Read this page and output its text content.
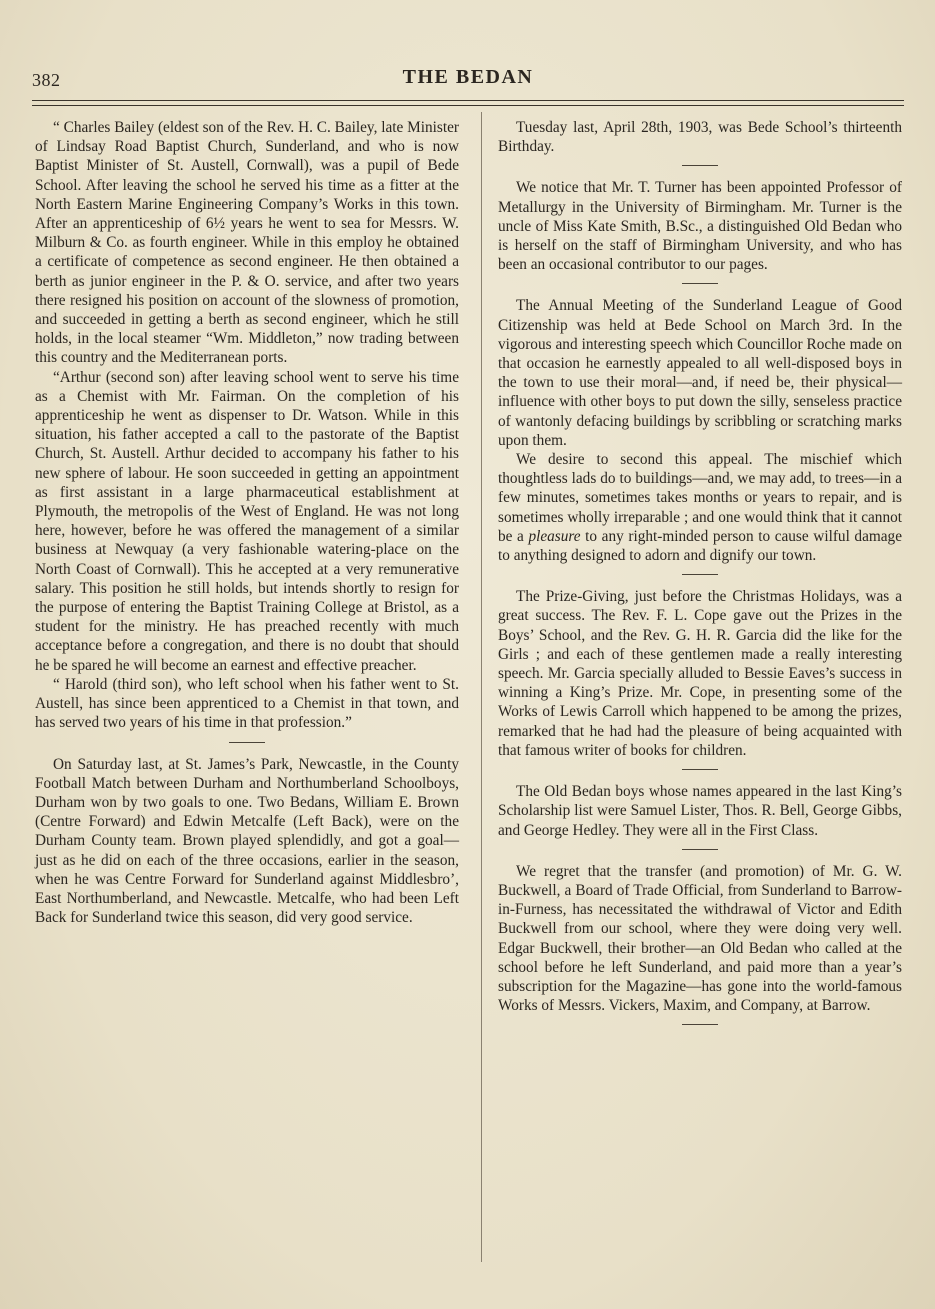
382	THE BEDAN

“ Charles Bailey (eldest son of the Rev. H. C. Bailey, late Minister of Lindsay Road Baptist Church, Sunderland, and who is now Baptist Minister of St. Austell, Cornwall), was a pupil of Bede School. After leaving the school he served his time as a fitter at the North Eastern Marine Engineering Company’s Works in this town. After an apprenticeship of 6½ years he went to sea for Messrs. W. Milburn & Co. as fourth engineer. While in this employ he obtained a certificate of competence as second engineer. He then obtained a berth as junior engineer in the P. & O. service, and after two years there resigned his position on account of the slowness of promotion, and succeeded in getting a berth as second engineer, which he still holds, in the local steamer “Wm. Middleton,” now trading between this country and the Mediterranean ports.

“Arthur (second son) after leaving school went to serve his time as a Chemist with Mr. Fairman. On the completion of his apprenticeship he went as dispenser to Dr. Watson. While in this situation, his father accepted a call to the pastorate of the Baptist Church, St. Austell. Arthur decided to accompany his father to his new sphere of labour. He soon succeeded in getting an appointment as first assistant in a large pharmaceutical establishment at Plymouth, the metropolis of the West of England. He was not long here, however, before he was offered the management of a similar business at Newquay (a very fashionable watering-place on the North Coast of Cornwall). This he accepted at a very remunerative salary. This position he still holds, but intends shortly to resign for the purpose of entering the Baptist Training College at Bristol, as a student for the ministry. He has preached recently with much acceptance before a congregation, and there is no doubt that should he be spared he will become an earnest and effective preacher.

“ Harold (third son), who left school when his father went to St. Austell, has since been apprenticed to a Chemist in that town, and has served two years of his time in that profession.”

On Saturday last, at St. James’s Park, Newcastle, in the County Football Match between Durham and Northumberland Schoolboys, Durham won by two goals to one. Two Bedans, William E. Brown (Centre Forward) and Edwin Metcalfe (Left Back), were on the Durham County team. Brown played splendidly, and got a goal—just as he did on each of the three occasions, earlier in the season, when he was Centre Forward for Sunderland against Middlesbro’, East Northumberland, and Newcastle. Metcalfe, who had been Left Back for Sunderland twice this season, did very good service.

Tuesday last, April 28th, 1903, was Bede School’s thirteenth Birthday.

We notice that Mr. T. Turner has been appointed Professor of Metallurgy in the University of Birmingham. Mr. Turner is the uncle of Miss Kate Smith, B.Sc., a distinguished Old Bedan who is herself on the staff of Birmingham University, and who has been an occasional contributor to our pages.

The Annual Meeting of the Sunderland League of Good Citizenship was held at Bede School on March 3rd. In the vigorous and interesting speech which Councillor Roche made on that occasion he earnestly appealed to all well-disposed boys in the town to use their moral—and, if need be, their physical—influence with other boys to put down the silly, senseless practice of wantonly defacing buildings by scribbling or scratching marks upon them.

We desire to second this appeal. The mischief which thoughtless lads do to buildings—and, we may add, to trees—in a few minutes, sometimes takes months or years to repair, and is sometimes wholly irreparable ; and one would think that it cannot be a pleasure to any right-minded person to cause wilful damage to anything designed to adorn and dignify our town.

The Prize-Giving, just before the Christmas Holidays, was a great success. The Rev. F. L. Cope gave out the Prizes in the Boys’ School, and the Rev. G. H. R. Garcia did the like for the Girls ; and each of these gentlemen made a really interesting speech. Mr. Garcia specially alluded to Bessie Eaves’s success in winning a King’s Prize. Mr. Cope, in presenting some of the Works of Lewis Carroll which happened to be among the prizes, remarked that he had had the pleasure of being acquainted with that famous writer of books for children.

The Old Bedan boys whose names appeared in the last King’s Scholarship list were Samuel Lister, Thos. R. Bell, George Gibbs, and George Hedley. They were all in the First Class.

We regret that the transfer (and promotion) of Mr. G. W. Buckwell, a Board of Trade Official, from Sunderland to Barrow-in-Furness, has necessitated the withdrawal of Victor and Edith Buckwell from our school, where they were doing very well. Edgar Buckwell, their brother—an Old Bedan who called at the school before he left Sunderland, and paid more than a year’s subscription for the Magazine—has gone into the world-famous Works of Messrs. Vickers, Maxim, and Company, at Barrow.
